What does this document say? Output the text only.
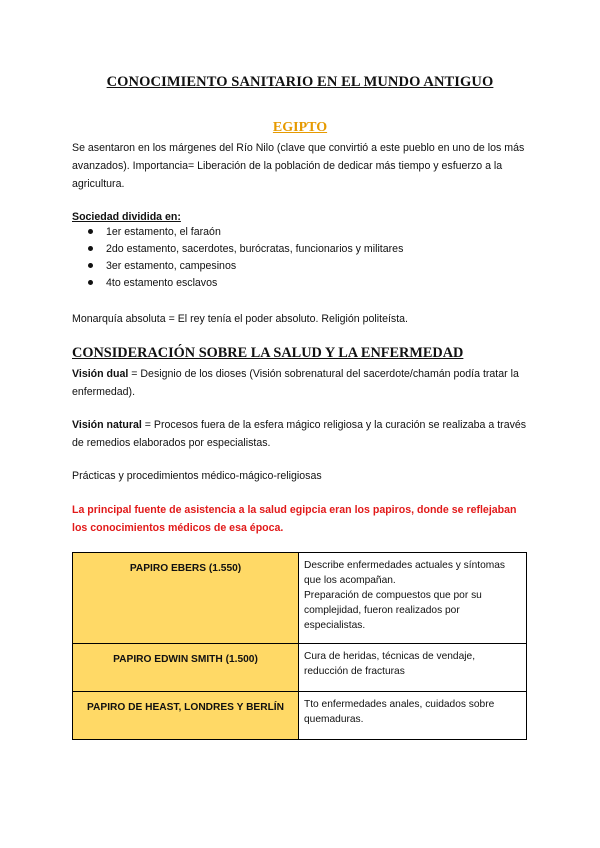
CONOCIMIENTO SANITARIO EN EL MUNDO ANTIGUO
EGIPTO
Se asentaron en los márgenes del Río Nilo (clave que convirtió a este pueblo en uno de los más avanzados). Importancia= Liberación de la población de dedicar más tiempo y esfuerzo a la agricultura.
Sociedad dividida en:
1er estamento, el faraón
2do estamento, sacerdotes, burócratas, funcionarios y militares
3er estamento, campesinos
4to estamento esclavos
Monarquía absoluta = El rey tenía el poder absoluto. Religión politeísta.
CONSIDERACIÓN SOBRE LA SALUD Y LA ENFERMEDAD
Visión dual = Designio de los dioses (Visión sobrenatural del sacerdote/chamán podía tratar la enfermedad).
Visión natural = Procesos fuera de la esfera mágico religiosa y la curación se realizaba a través de remedios elaborados por especialistas.
Prácticas y procedimientos médico-mágico-religiosas
La principal fuente de asistencia a la salud egipcia eran los papiros, donde se reflejaban los conocimientos médicos de esa época.
PAPIRO EBERS (1.550)	Describe enfermedades actuales y síntomas que los acompañan.
Preparación de compuestos que por su complejidad, fueron realizados por especialistas.
PAPIRO EDWIN SMITH (1.500)	Cura de heridas, técnicas de vendaje, reducción de fracturas
PAPIRO DE HEAST, LONDRES Y BERLÍN	Tto enfermedades anales, cuidados sobre quemaduras.
